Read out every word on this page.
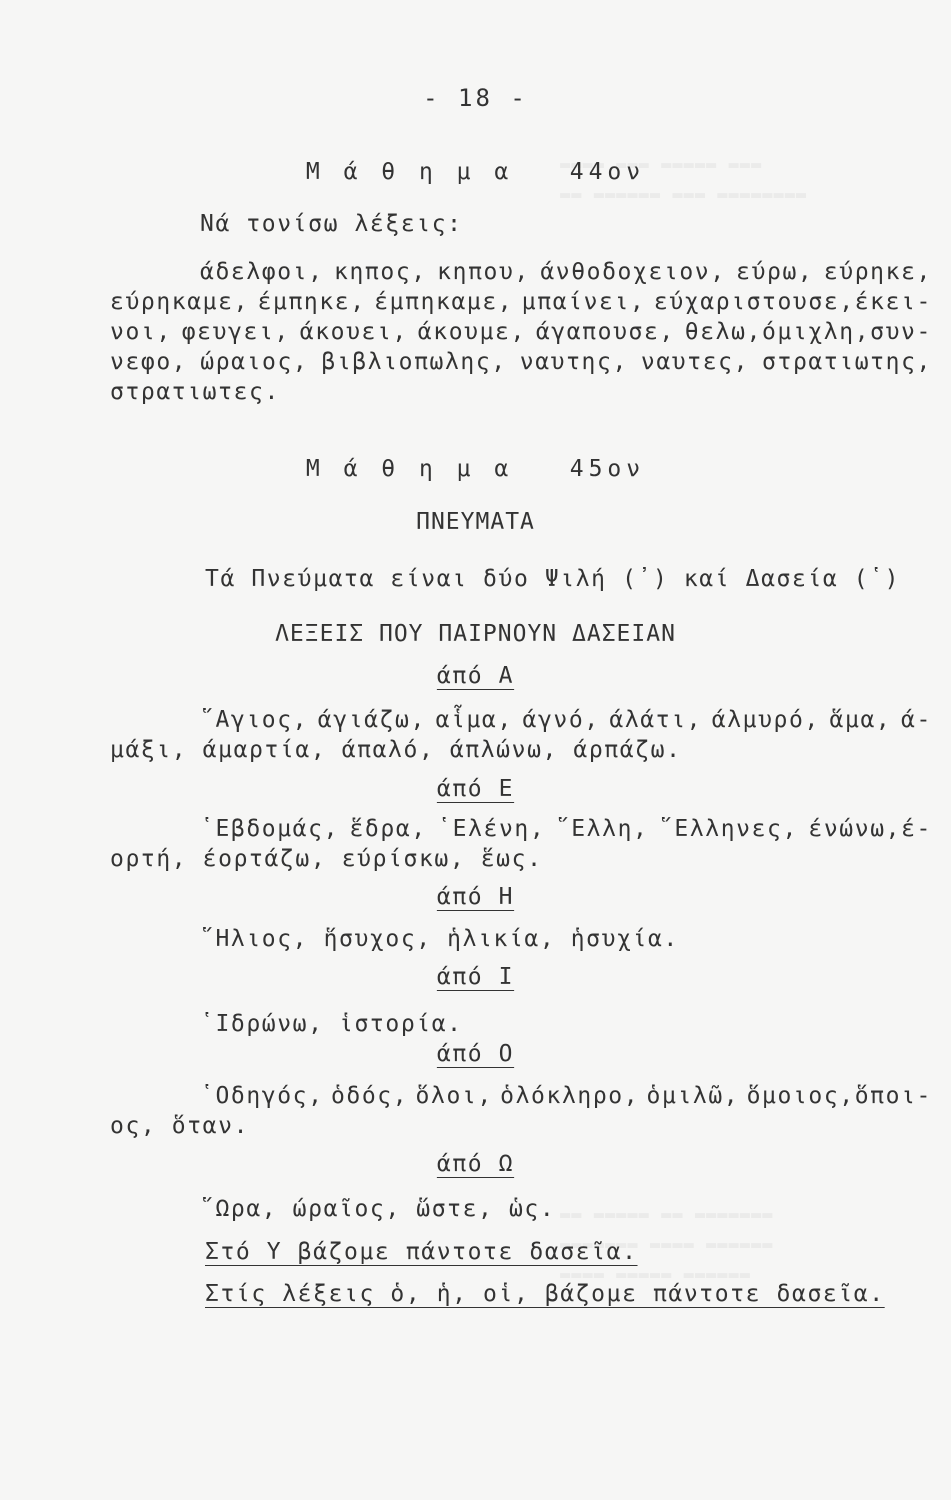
- 18 -
Μ ά θ η μ α   44ον
Νά τονίσω λέξεις:
άδελφοι, κηπος, κηπου, άνθοδοχειον, εύρω, εύρηκε,
εύρηκαμε, έμπηκε, έμπηκαμε, μπαίνει, εύχαριστουσε,έκει-
νοι, φευγει, άκουει, άκουμε, άγαπουσε, θελω,όμιχλη,συν-
νεφο, ώραιος, βιβλιοπωλης, ναυτης, ναυτες, στρατιωτης,
στρατιωτες.
Μ ά θ η μ α   45ον
ΠΝΕΥΜΑΤΑ
Τά Πνεύματα είναι δύο Ψιλή (᾿) καί Δασεία (῾)
ΛΕΞΕΙΣ ΠΟΥ ΠΑΙΡΝΟΥΝ ΔΑΣΕΙΑΝ
άπό Α
῞Αγιος, άγιάζω, αἷμα, άγνό, άλάτι, άλμυρό, ἅμα, ά-
μάξι, άμαρτία, άπαλό, άπλώνω, άρπάζω.
άπό Ε
῾Εβδομάς, ἕδρα, ῾Ελένη, ῞Ελλη, ῞Ελληνες, ένώνω,έ-
ορτή, έορτάζω, εύρίσκω, ἕως.
άπό Η
῞Ηλιος, ἥσυχος, ἡλικία, ἡσυχία.
άπό Ι
῾Ιδρώνω, ἱστορία.
άπό Ο
῾Οδηγός, ὁδός, ὅλοι, ὁλόκληρο, ὁμιλῶ, ὅμοιος,ὅποι-
ος, ὅταν.
άπό Ω
῞Ωρα, ώραῖος, ὥστε, ὡς.
Στό Υ βάζομε πάντοτε δασεῖα.
Στίς λέξεις ὁ, ἡ, οἱ, βάζομε πάντοτε δασεῖα.
